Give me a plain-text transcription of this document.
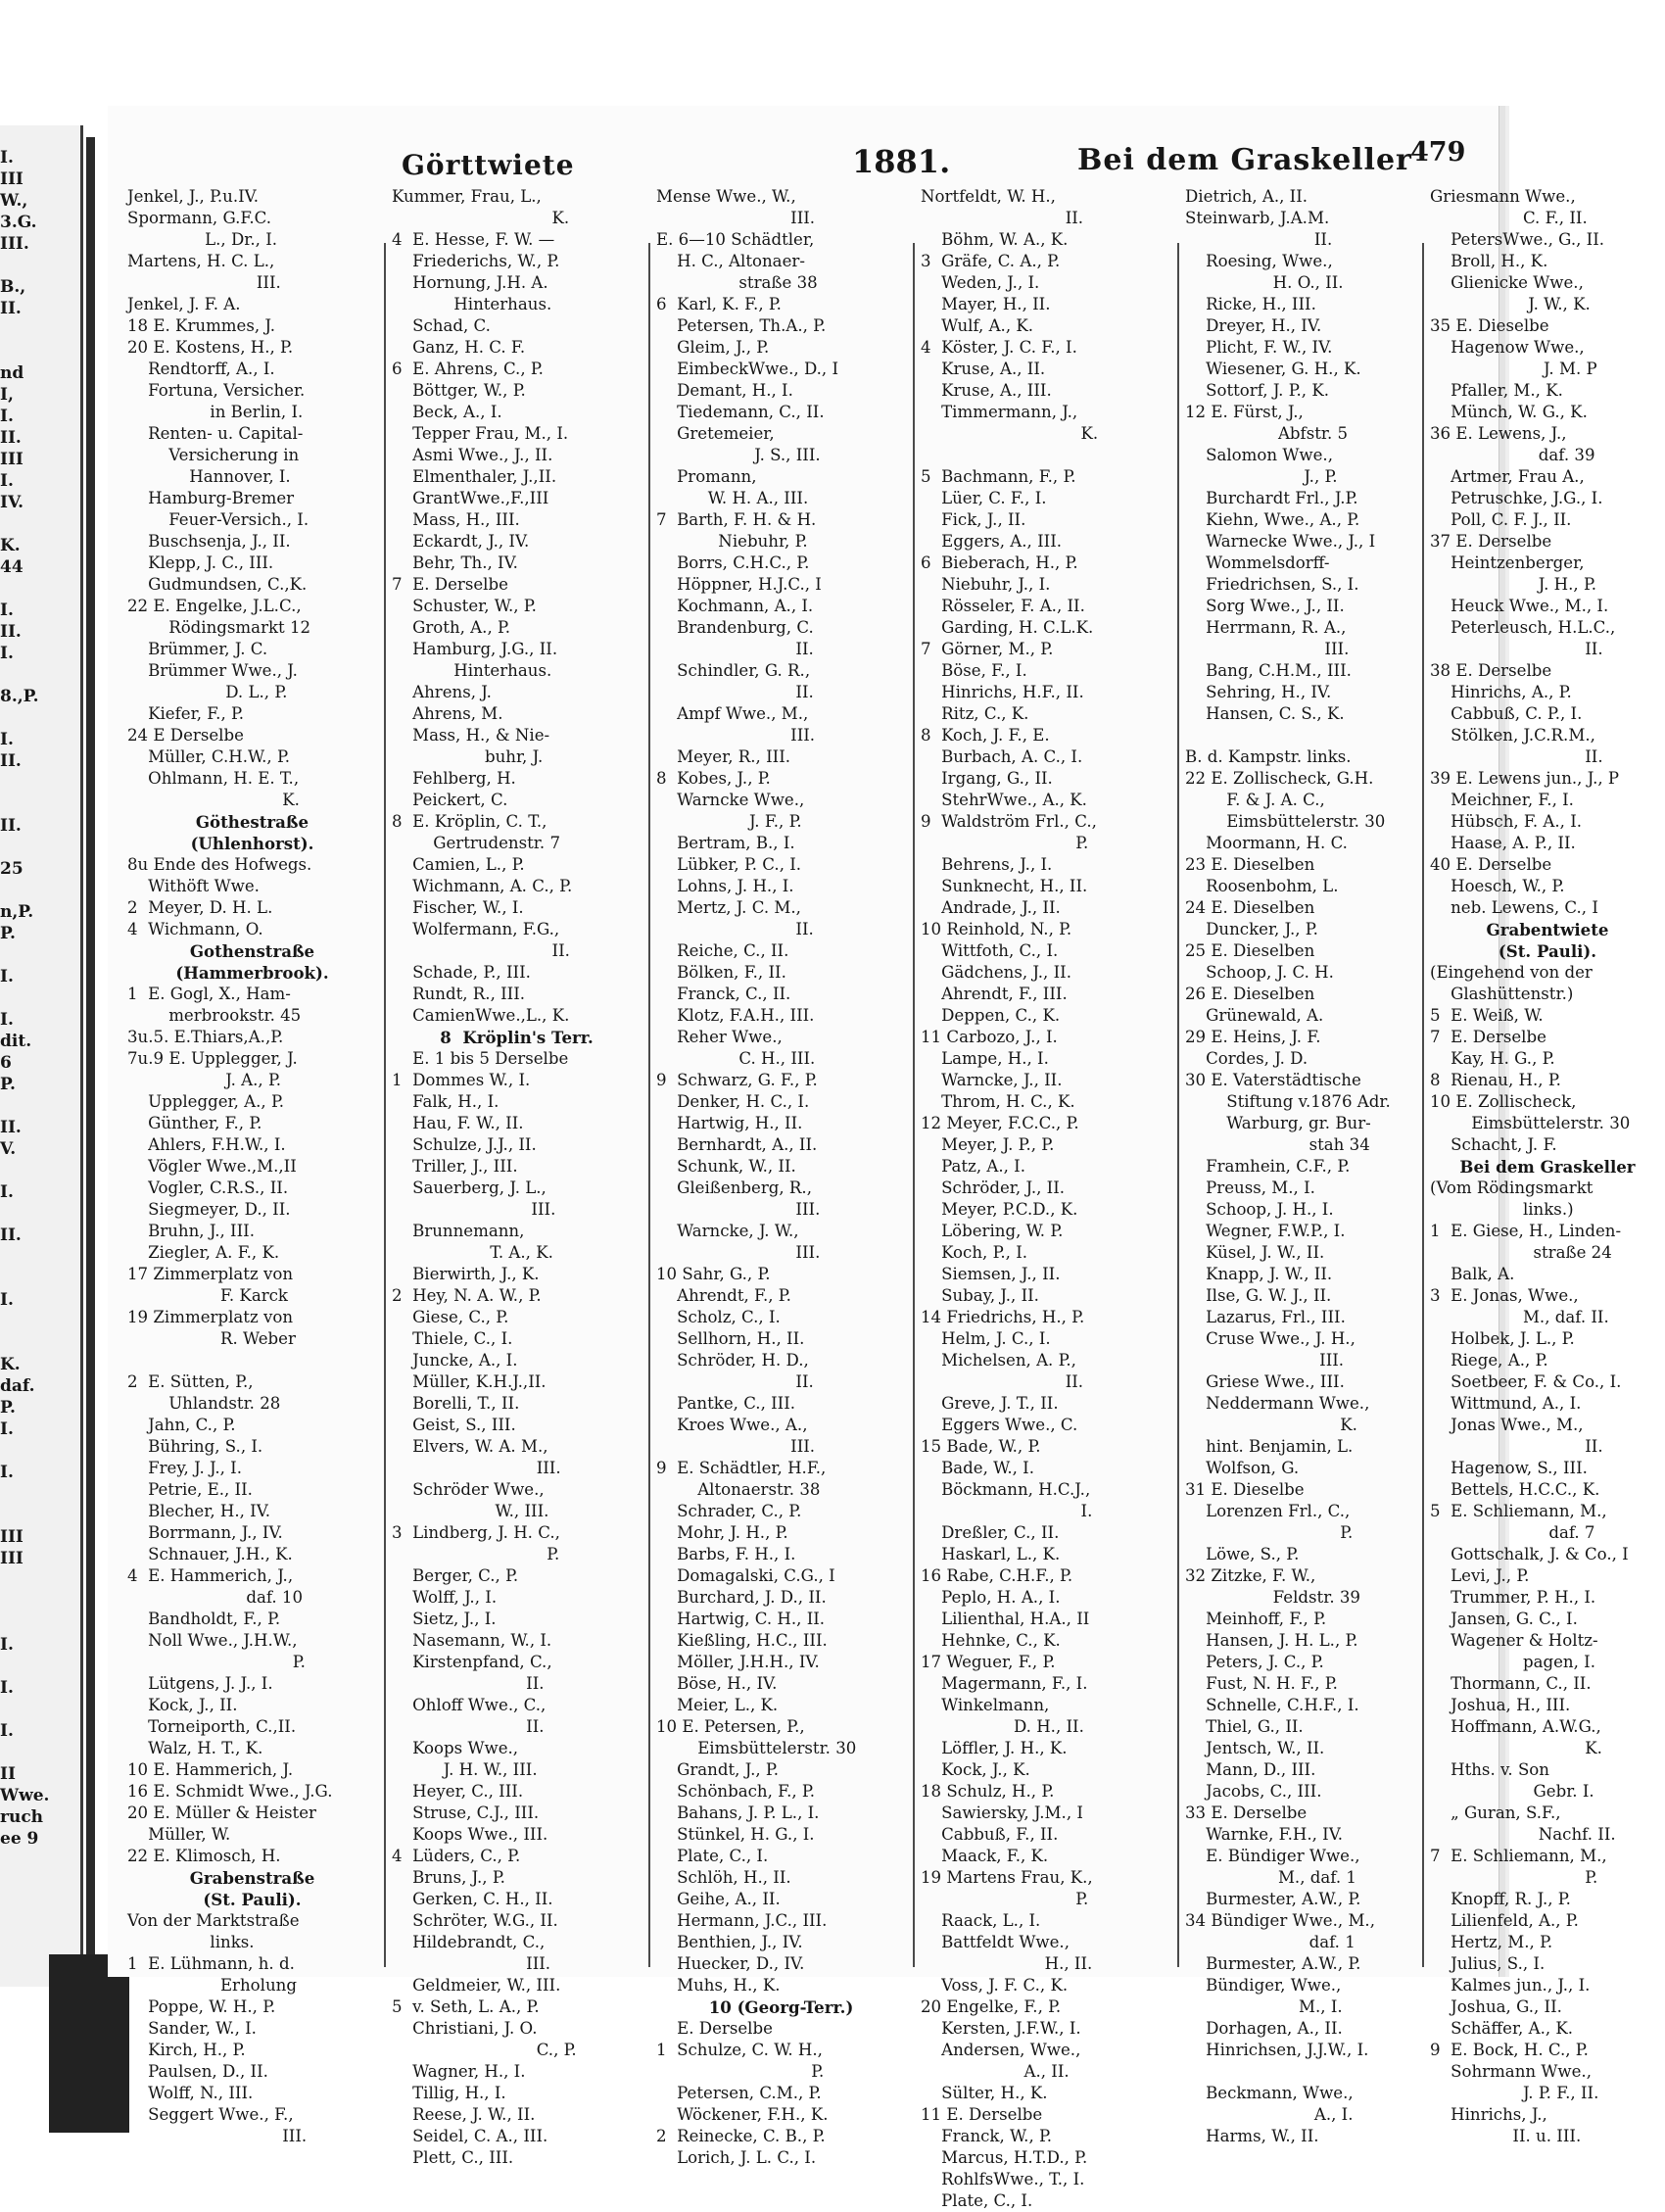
I.
III
W.,
3.G.
III.

B.,
II.

nd
I,
I.
II.
III
I.
IV.

K.
44

I.
II.
I.

8.,P.

I.
II.

II.

25

n,P.
P.

I.

I.
dit.
6
P.

II.
V.

I.

II.

I.

K.
daf.
P.
I.

I.

III
III

I.

I.

I.

II
Wwe.
ruch
ee 9
Görttwiete	1881.	Bei dem Graskeller
479
Jenkel, J., P.u.IV.
Spormann, G.F.C.
L., Dr., I.
Martens, H. C. L.,
III.
Jenkel, J. F. A.
18 E. Krummes, J.
20 E. Kostens, H., P.
Rendtorff, A., I.
Fortuna, Versicher.
in Berlin, I.
Renten- u. Capital-
Versicherung in
Hannover, I.
Hamburg-Bremer
Feuer-Versich., I.
Buschsenja, J., II.
Klepp, J. C., III.
Gudmundsen, C.,K.
22 E. Engelke, J.L.C.,
Rödingsmarkt 12
Brümmer, J. C.
Brümmer Wwe., J.
D. L., P.
Kiefer, F., P.
24 E Derselbe
Müller, C.H.W., P.
Ohlmann, H. E. T.,
K.
Göthestraße
(Uhlenhorst).
8u Ende des Hofwegs.
Withöft Wwe.
2  Meyer, D. H. L.
4  Wichmann, O.
Gothenstraße
(Hammerbrook).
1  E. Gogl, X., Ham-
merbrookstr. 45
3u.5. E.Thiars,A.,P.
7u.9 E. Upplegger, J.
J. A., P.
Upplegger, A., P.
Günther, F., P.
Ahlers, F.H.W., I.
Vögler Wwe.,M.,II
Vogler, C.R.S., II.
Siegmeyer, D., II.
Bruhn, J., III.
Ziegler, A. F., K.
17 Zimmerplatz von
F. Karck
19 Zimmerplatz von
R. Weber
2  E. Sütten, P.,
Uhlandstr. 28
Jahn, C., P.
Bühring, S., I.
Frey, J. J., I.
Petrie, E., II.
Blecher, H., IV.
Borrmann, J., IV.
Schnauer, J.H., K.
4  E. Hammerich, J.,
daf. 10
Bandholdt, F., P.
Noll Wwe., J.H.W.,
P.
Lütgens, J. J., I.
Kock, J., II.
Torneiporth, C.,II.
Walz, H. T., K.
10 E. Hammerich, J.
16 E. Schmidt Wwe., J.G.
20 E. Müller & Heister
Müller, W.
22 E. Klimosch, H.
Grabenstraße
(St. Pauli).
Von der Marktstraße
links.
1  E. Lühmann, h. d.
Erholung
Poppe, W. H., P.
Sander, W., I.
Kirch, H., P.
Paulsen, D., II.
Wolff, N., III.
Seggert Wwe., F.,
III.
Kummer, Frau, L.,
K.
4  E. Hesse, F. W. —
Friederichs, W., P.
Hornung, J.H. A.
Hinterhaus.
Schad, C.
Ganz, H. C. F.
6  E. Ahrens, C., P.
Böttger, W., P.
Beck, A., I.
Tepper Frau, M., I.
Asmi Wwe., J., II.
Elmenthaler, J.,II.
GrantWwe.,F.,III
Mass, H., III.
Eckardt, J., IV.
Behr, Th., IV.
7  E. Derselbe
Schuster, W., P.
Groth, A., P.
Hamburg, J.G., II.
Hinterhaus.
Ahrens, J.
Ahrens, M.
Mass, H., & Nie-
buhr, J.
Fehlberg, H.
Peickert, C.
8  E. Kröplin, C. T.,
Gertrudenstr. 7
Camien, L., P.
Wichmann, A. C., P.
Fischer, W., I.
Wolfermann, F.G.,
II.
Schade, P., III.
Rundt, R., III.
CamienWwe.,L., K.
8  Kröplin's Terr.
E. 1 bis 5 Derselbe
1  Dommes W., I.
Falk, H., I.
Hau, F. W., II.
Schulze, J.J., II.
Triller, J., III.
Sauerberg, J. L.,
III.
Brunnemann,
T. A., K.
Bierwirth, J., K.
2  Hey, N. A. W., P.
Giese, C., P.
Thiele, C., I.
Juncke, A., I.
Müller, K.H.J.,II.
Borelli, T., II.
Geist, S., III.
Elvers, W. A. M.,
III.
Schröder Wwe.,
W., III.
3  Lindberg, J. H. C.,
P.
Berger, C., P.
Wolff, J., I.
Sietz, J., I.
Nasemann, W., I.
Kirstenpfand, C.,
II.
Ohloff Wwe., C.,
II.
Koops Wwe.,
J. H. W., III.
Heyer, C., III.
Struse, C.J., III.
Koops Wwe., III.
4  Lüders, C., P.
Bruns, J., P.
Gerken, C. H., II.
Schröter, W.G., II.
Hildebrandt, C.,
III.
Geldmeier, W., III.
5  v. Seth, L. A., P.
Christiani, J. O.
C., P.
Wagner, H., I.
Tillig, H., I.
Reese, J. W., II.
Seidel, C. A., III.
Plett, C., III.
Mense Wwe., W.,
III.
E. 6—10 Schädtler,
H. C., Altonaer-
straße 38
6  Karl, K. F., P.
Petersen, Th.A., P.
Gleim, J., P.
EimbeckWwe., D., I
Demant, H., I.
Tiedemann, C., II.
Gretemeier,
J. S., III.
Promann,
W. H. A., III.
7  Barth, F. H. & H.
Niebuhr, P.
Borrs, C.H.C., P.
Höppner, H.J.C., I
Kochmann, A., I.
Brandenburg, C.
II.
Schindler, G. R.,
II.
Ampf Wwe., M.,
III.
Meyer, R., III.
8  Kobes, J., P.
Warncke Wwe.,
J. F., P.
Bertram, B., I.
Lübker, P. C., I.
Lohns, J. H., I.
Mertz, J. C. M.,
II.
Reiche, C., II.
Bölken, F., II.
Franck, C., II.
Klotz, F.A.H., III.
Reher Wwe.,
C. H., III.
9  Schwarz, G. F., P.
Denker, H. C., I.
Hartwig, H., II.
Bernhardt, A., II.
Schunk, W., II.
Gleißenberg, R.,
III.
Warncke, J. W.,
III.
10 Sahr, G., P.
Ahrendt, F., P.
Scholz, C., I.
Sellhorn, H., II.
Schröder, H. D.,
II.
Pantke, C., III.
Kroes Wwe., A.,
III.
9  E. Schädtler, H.F.,
Altonaerstr. 38
Schrader, C., P.
Mohr, J. H., P.
Barbs, F. H., I.
Domagalski, C.G., I
Burchard, J. D., II.
Hartwig, C. H., II.
Kießling, H.C., III.
Möller, J.H.H., IV.
Böse, H., IV.
Meier, L., K.
10 E. Petersen, P.,
Eimsbüttelerstr. 30
Grandt, J., P.
Schönbach, F., P.
Bahans, J. P. L., I.
Stünkel, H. G., I.
Plate, C., I.
Schlöh, H., II.
Geihe, A., II.
Hermann, J.C., III.
Benthien, J., IV.
Huecker, D., IV.
Muhs, H., K.
10 (Georg-Terr.)
E. Derselbe
1  Schulze, C. W. H.,
P.
Petersen, C.M., P.
Wöckener, F.H., K.
2  Reinecke, C. B., P.
Lorich, J. L. C., I.
Nortfeldt, W. H.,
II.
Böhm, W. A., K.
3  Gräfe, C. A., P.
Weden, J., I.
Mayer, H., II.
Wulf, A., K.
4  Köster, J. C. F., I.
Kruse, A., II.
Kruse, A., III.
Timmermann, J.,
K.
5  Bachmann, F., P.
Lüer, C. F., I.
Fick, J., II.
Eggers, A., III.
6  Bieberach, H., P.
Niebuhr, J., I.
Rösseler, F. A., II.
Garding, H. C.L.K.
7  Görner, M., P.
Böse, F., I.
Hinrichs, H.F., II.
Ritz, C., K.
8  Koch, J. F., E.
Burbach, A. C., I.
Irgang, G., II.
StehrWwe., A., K.
9  Waldström Frl., C.,
P.
Behrens, J., I.
Sunknecht, H., II.
Andrade, J., II.
10 Reinhold, N., P.
Wittfoth, C., I.
Gädchens, J., II.
Ahrendt, F., III.
Deppen, C., K.
11 Carbozo, J., I.
Lampe, H., I.
Warncke, J., II.
Throm, H. C., K.
12 Meyer, F.C.C., P.
Meyer, J. P., P.
Patz, A., I.
Schröder, J., II.
Meyer, P.C.D., K.
Löbering, W. P.
Koch, P., I.
Siemsen, J., II.
Subay, J., II.
14 Friedrichs, H., P.
Helm, J. C., I.
Michelsen, A. P.,
II.
Greve, J. T., II.
Eggers Wwe., C.
15 Bade, W., P.
Bade, W., I.
Böckmann, H.C.J.,
I.
Dreßler, C., II.
Haskarl, L., K.
16 Rabe, C.H.F., P.
Peplo, H. A., I.
Lilienthal, H.A., II
Hehnke, C., K.
17 Weguer, F., P.
Magermann, F., I.
Winkelmann,
D. H., II.
Löffler, J. H., K.
Kock, J., K.
18 Schulz, H., P.
Sawiersky, J.M., I
Cabbuß, F., II.
Maack, F., K.
19 Martens Frau, K.,
P.
Raack, L., I.
Battfeldt Wwe.,
H., II.
Voss, J. F. C., K.
20 Engelke, F., P.
Kersten, J.F.W., I.
Andersen, Wwe.,
A., II.
Sülter, H., K.
11 E. Derselbe
Franck, W., P.
Marcus, H.T.D., P.
RohlfsWwe., T., I.
Plate, C., I.
Dietrich, A., II.
Steinwarb, J.A.M.
II.
Roesing, Wwe.,
H. O., II.
Ricke, H., III.
Dreyer, H., IV.
Plicht, F. W., IV.
Wiesener, G. H., K.
Sottorf, J. P., K.
12 E. Fürst, J.,
Abfstr. 5
Salomon Wwe.,
J., P.
Burchardt Frl., J.P.
Kiehn, Wwe., A., P.
Warnecke Wwe., J., I
Wommelsdorff-
Friedrichsen, S., I.
Sorg Wwe., J., II.
Herrmann, R. A.,
III.
Bang, C.H.M., III.
Sehring, H., IV.
Hansen, C. S., K.
B. d. Kampstr. links.
22 E. Zollischeck, G.H.
F. & J. A. C.,
Eimsbüttelerstr. 30
Moormann, H. C.
23 E. Dieselben
Roosenbohm, L.
24 E. Dieselben
Duncker, J., P.
25 E. Dieselben
Schoop, J. C. H.
26 E. Dieselben
Grünewald, A.
29 E. Heins, J. F.
Cordes, J. D.
30 E. Vaterstädtische
Stiftung v.1876 Adr.
Warburg, gr. Bur-
stah 34
Framhein, C.F., P.
Preuss, M., I.
Schoop, J. H., I.
Wegner, F.W.P., I.
Küsel, J. W., II.
Knapp, J. W., II.
Ilse, G. W. J., II.
Lazarus, Frl., III.
Cruse Wwe., J. H.,
III.
Griese Wwe., III.
Neddermann Wwe.,
K.
hint. Benjamin, L.
Wolfson, G.
31 E. Dieselbe
Lorenzen Frl., C.,
P.
Löwe, S., P.
32 Zitzke, F. W.,
Feldstr. 39
Meinhoff, F., P.
Hansen, J. H. L., P.
Peters, J. C., P.
Fust, N. H. F., P.
Schnelle, C.H.F., I.
Thiel, G., II.
Jentsch, W., II.
Mann, D., III.
Jacobs, C., III.
33 E. Derselbe
Warnke, F.H., IV.
E. Bündiger Wwe.,
M., daf. 1
Burmester, A.W., P.
34 Bündiger Wwe., M.,
daf. 1
Burmester, A.W., P.
Bündiger, Wwe.,
M., I.
Dorhagen, A., II.
Hinrichsen, J.J.W., I.
Beckmann, Wwe.,
A., I.
Harms, W., II.
Griesmann Wwe.,
C. F., II.
PetersWwe., G., II.
Broll, H., K.
Glienicke Wwe.,
J. W., K.
35 E. Dieselbe
Hagenow Wwe.,
J. M. P
Pfaller, M., K.
Münch, W. G., K.
36 E. Lewens, J.,
daf. 39
Artmer, Frau A.,
Petruschke, J.G., I.
Poll, C. F. J., II.
37 E. Derselbe
Heintzenberger,
J. H., P.
Heuck Wwe., M., I.
Peterleusch, H.L.C.,
II.
38 E. Derselbe
Hinrichs, A., P.
Cabbuß, C. P., I.
Stölken, J.C.R.M.,
II.
39 E. Lewens jun., J., P
Meichner, F., I.
Hübsch, F. A., I.
Haase, A. P., II.
40 E. Derselbe
Hoesch, W., P.
neb. Lewens, C., I
Grabentwiete
(St. Pauli).
(Eingehend von der
Glashüttenstr.)
5  E. Weiß, W.
7  E. Derselbe
Kay, H. G., P.
8  Rienau, H., P.
10 E. Zollischeck,
Eimsbüttelerstr. 30
Schacht, J. F.
Bei dem Graskeller
(Vom Rödingsmarkt
links.)
1  E. Giese, H., Linden-
straße 24
Balk, A.
3  E. Jonas, Wwe.,
M., daf. II.
Holbek, J. L., P.
Riege, A., P.
Soetbeer, F. & Co., I.
Wittmund, A., I.
Jonas Wwe., M.,
II.
Hagenow, S., III.
Bettels, H.C.C., K.
5  E. Schliemann, M.,
daf. 7
Gottschalk, J. & Co., I
Levi, J., P.
Trummer, P. H., I.
Jansen, G. C., I.
Wagener & Holtz-
pagen, I.
Thormann, C., II.
Joshua, H., III.
Hoffmann, A.W.G.,
K.
Hths. v. Son
Gebr. I.
„ Guran, S.F.,
Nachf. II.
7  E. Schliemann, M.,
P.
Knopff, R. J., P.
Lilienfeld, A., P.
Hertz, M., P.
Julius, S., I.
Kalmes jun., J., I.
Joshua, G., II.
Schäffer, A., K.
9  E. Bock, H. C., P.
Sohrmann Wwe.,
J. P. F., II.
Hinrichs, J.,
II. u. III.
